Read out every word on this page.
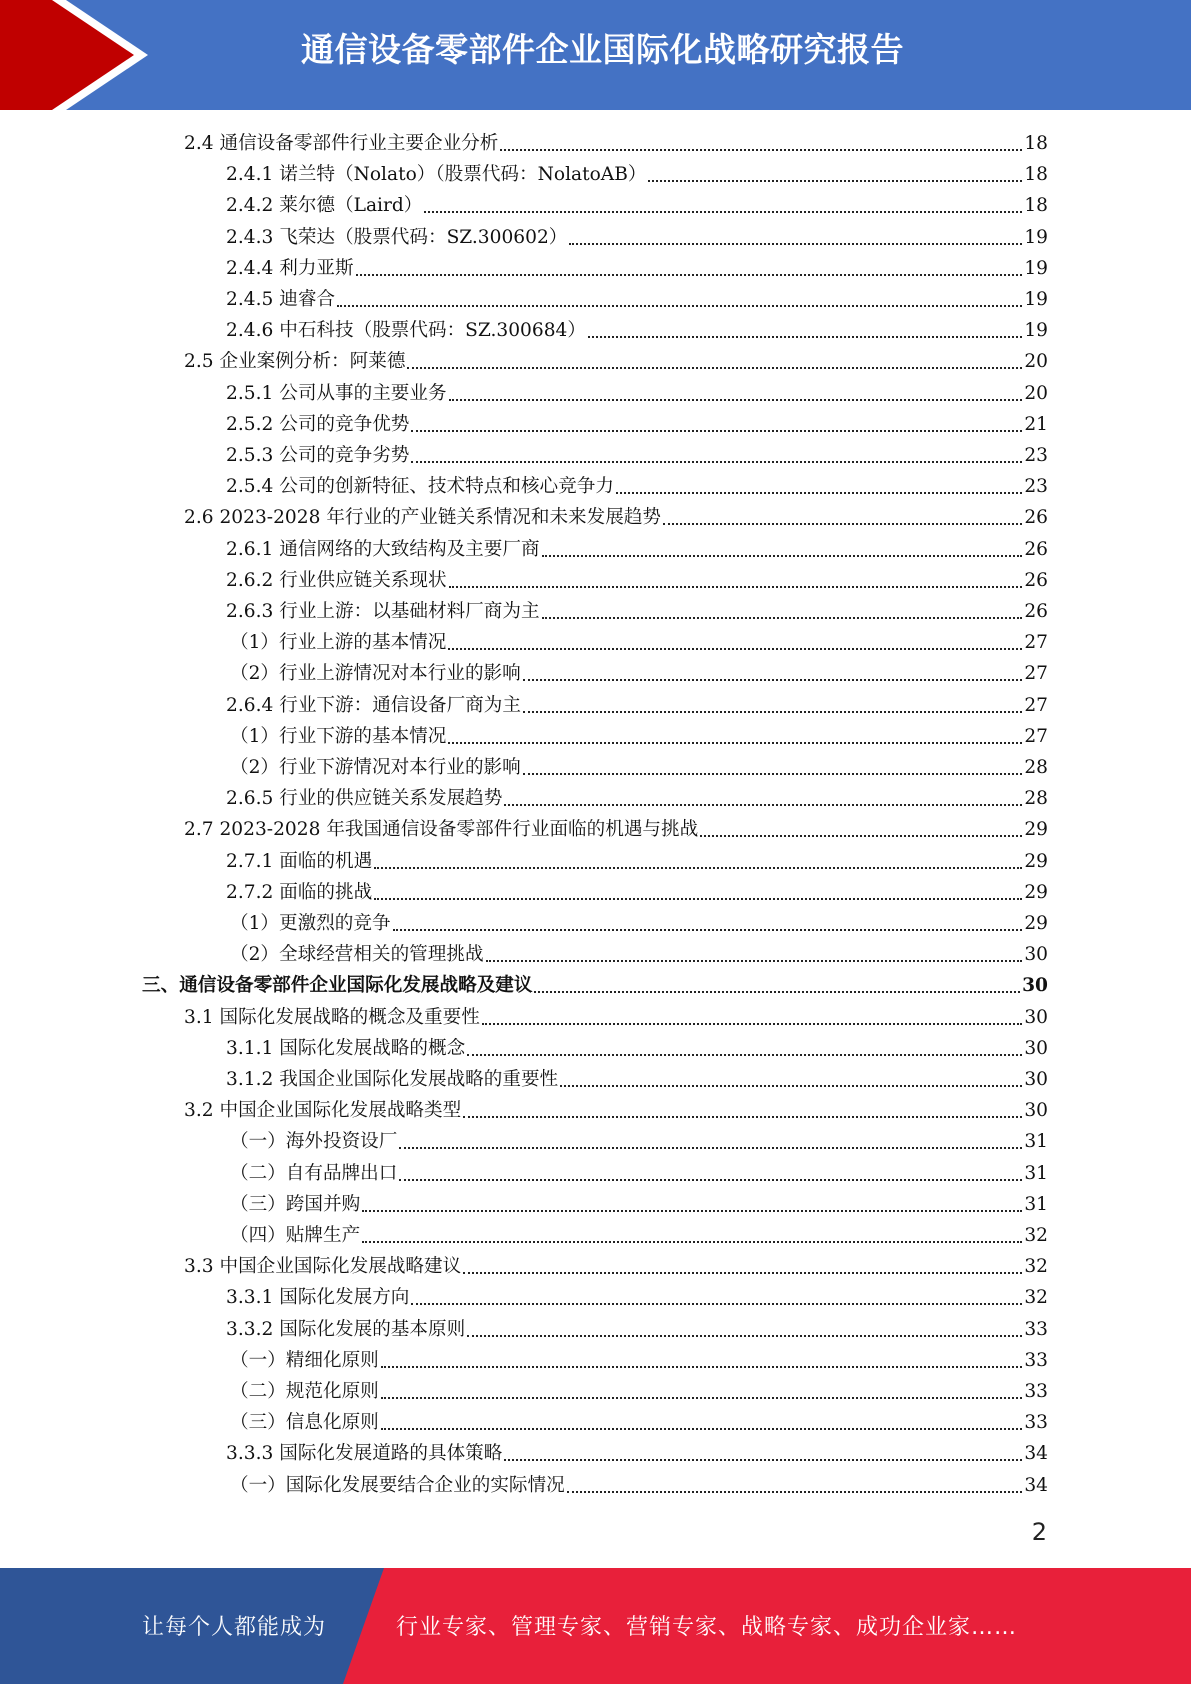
通信设备零部件企业国际化战略研究报告
2.4 通信设备零部件行业主要企业分析	18
2.4.1 诺兰特（Nolato）（股票代码：NolatoAB）	18
2.4.2 莱尔德（Laird）	18
2.4.3 飞荣达（股票代码：SZ.300602）	19
2.4.4 利力亚斯	19
2.4.5 迪睿合	19
2.4.6 中石科技（股票代码：SZ.300684）	19
2.5 企业案例分析：阿莱德	20
2.5.1 公司从事的主要业务	20
2.5.2 公司的竞争优势	21
2.5.3 公司的竞争劣势	23
2.5.4 公司的创新特征、技术特点和核心竞争力	23
2.6 2023-2028 年行业的产业链关系情况和未来发展趋势	26
2.6.1 通信网络的大致结构及主要厂商	26
2.6.2 行业供应链关系现状	26
2.6.3 行业上游：以基础材料厂商为主	26
（1）行业上游的基本情况	27
（2）行业上游情况对本行业的影响	27
2.6.4 行业下游：通信设备厂商为主	27
（1）行业下游的基本情况	27
（2）行业下游情况对本行业的影响	28
2.6.5 行业的供应链关系发展趋势	28
2.7 2023-2028 年我国通信设备零部件行业面临的机遇与挑战	29
2.7.1 面临的机遇	29
2.7.2 面临的挑战	29
（1）更激烈的竞争	29
（2）全球经营相关的管理挑战	30
三、通信设备零部件企业国际化发展战略及建议	30
3.1 国际化发展战略的概念及重要性	30
3.1.1 国际化发展战略的概念	30
3.1.2 我国企业国际化发展战略的重要性	30
3.2 中国企业国际化发展战略类型	30
（一）海外投资设厂	31
（二）自有品牌出口	31
（三）跨国并购	31
（四）贴牌生产	32
3.3 中国企业国际化发展战略建议	32
3.3.1 国际化发展方向	32
3.3.2 国际化发展的基本原则	33
（一）精细化原则	33
（二）规范化原则	33
（三）信息化原则	33
3.3.3 国际化发展道路的具体策略	34
（一）国际化发展要结合企业的实际情况	34
2
让每个人都能成为	行业专家、管理专家、营销专家、战略专家、成功企业家……
